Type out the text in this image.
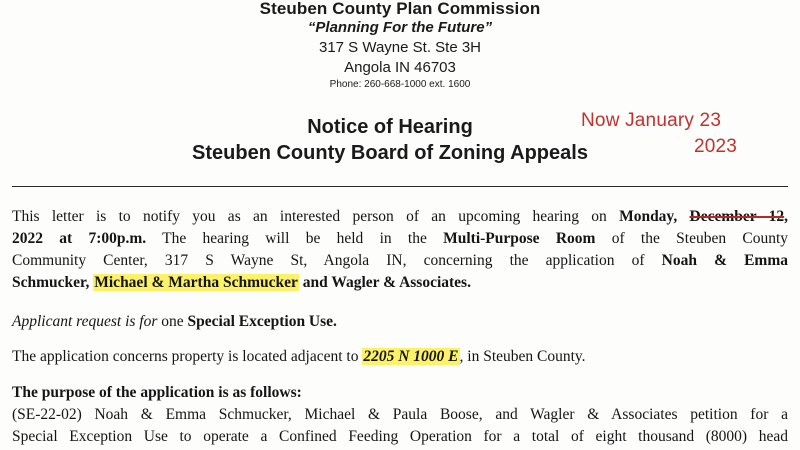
Steuben County Plan Commission
“Planning For the Future”
317 S Wayne St. Ste 3H
Angola IN 46703
Phone: 260-668-1000 ext. 1600
Notice of Hearing
Steuben County Board of Zoning Appeals
Now January 23
2023
This letter is to notify you as an interested person of an upcoming hearing on Monday, December 12,
2022 at 7:00p.m. The hearing will be held in the Multi-Purpose Room of the Steuben County
Community Center, 317 S Wayne St, Angola IN, concerning the application of Noah & Emma
Schmucker, Michael & Martha Schmucker and Wagler & Associates.
Applicant request is for one Special Exception Use.
The application concerns property is located adjacent to 2205 N 1000 E, in Steuben County.
The purpose of the application is as follows:
(SE-22-02) Noah & Emma Schmucker, Michael & Paula Boose, and Wagler & Associates petition for a
Special Exception Use to operate a Confined Feeding Operation for a total of eight thousand (8000) head
